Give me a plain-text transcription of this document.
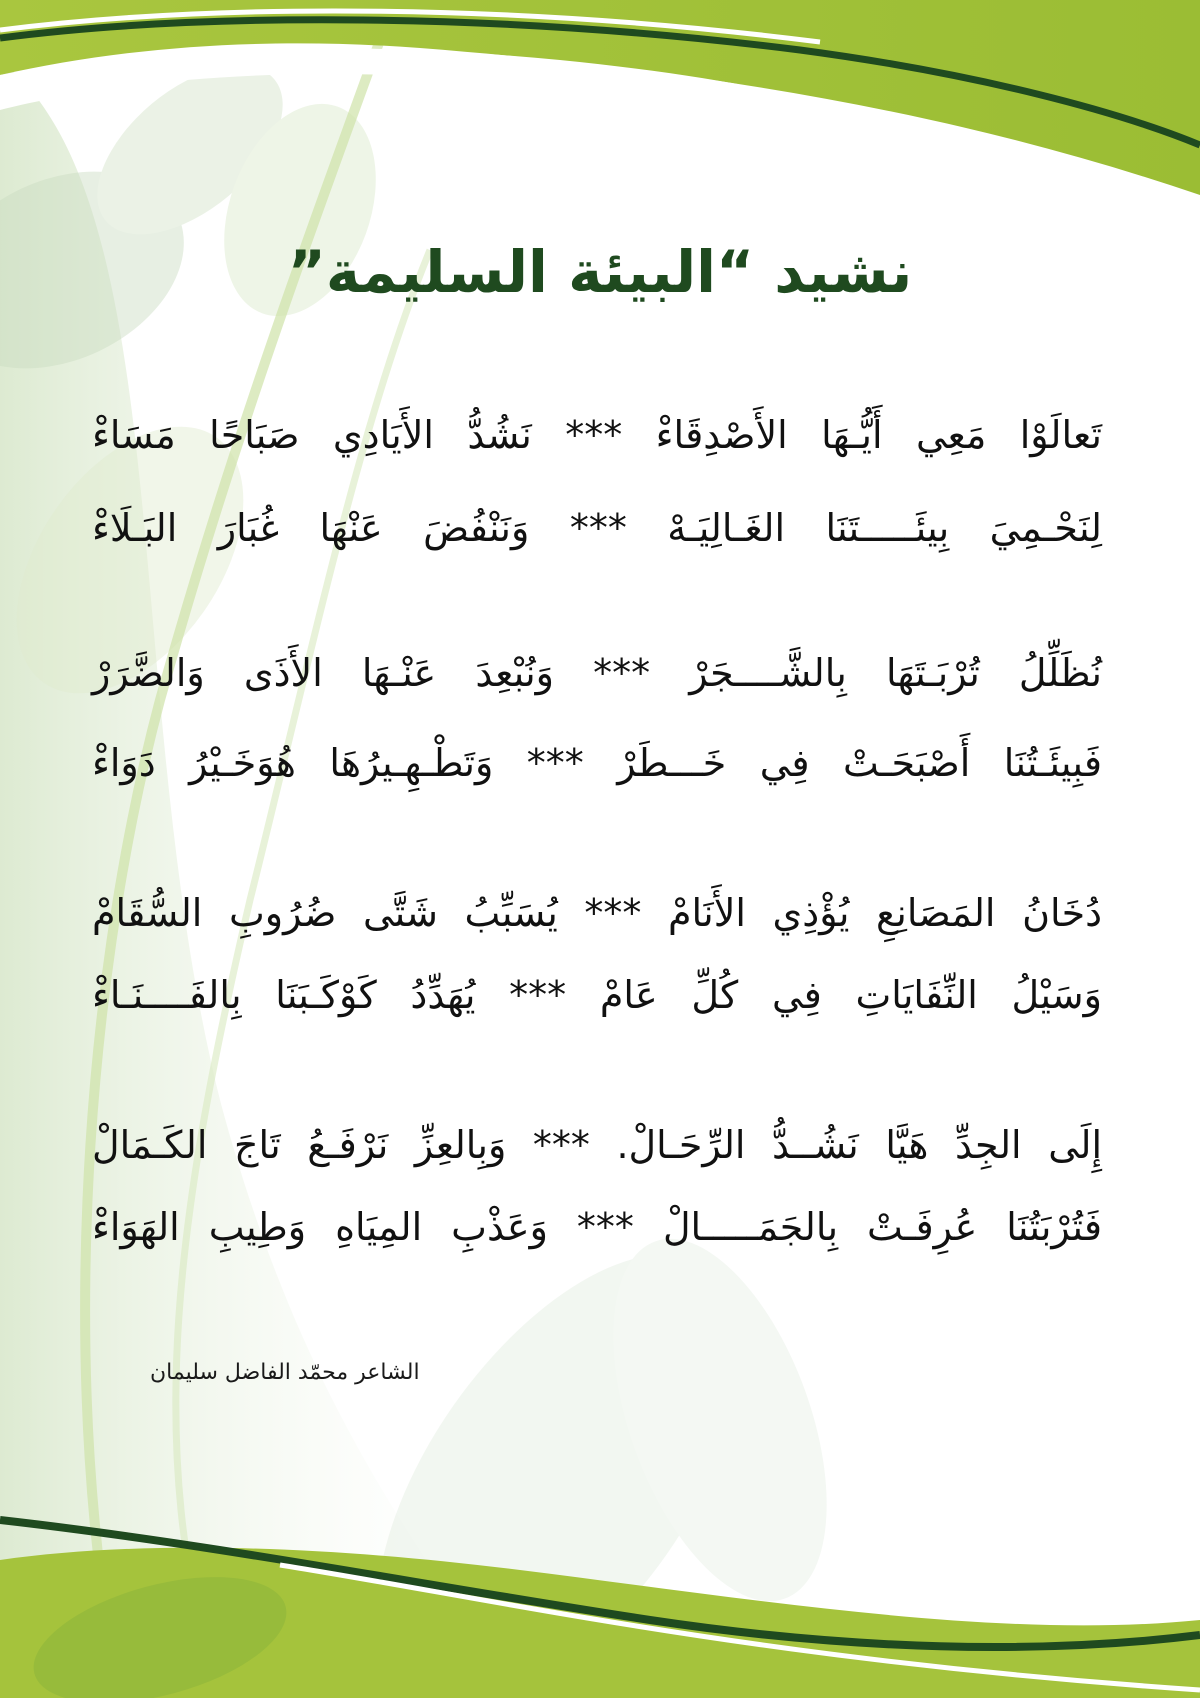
نشيد “البيئة السليمة”
تَعالَوْا مَعِي أَيُّـهَا الأَصْدِقَاءْ *** نَشُدُّ الأَيَادِي صَبَاحًا مَسَاءْ
لِنَحْـمِيَ بِيئَـــــتَنَا الغَـالِيَـهْ *** وَنَنْفُضَ عَنْهَا غُبَارَ البَـلَاءْ
نُظَلِّلُ تُرْبَـتَهَا بِالشَّــــجَرْ *** وَنُبْعِدَ عَنْـهَا الأَذَى وَالضَّرَرْ
فَبِيئَـتُنَا أَصْبَحَـتْ فِي خَـــطَرْ *** وَتَطْـهِـيرُهَا هُوَخَـيْرُ دَوَاءْ
دُخَانُ المَصَانِعِ يُؤْذِي الأَنَامْ *** يُسَبِّبُ شَتَّى ضُرُوبِ السُّقَامْ
وَسَيْلُ النِّفَايَاتِ فِي كُلِّ عَامْ *** يُهَدِّدُ كَوْكَـبَنَا بِالفَــــنَـاءْ
إِلَى الجِدِّ هَيَّا نَشُــدُّ الرِّحَـالْ. *** وَبِالعِزِّ نَرْفَـعُ تَاجَ الكَـمَالْ
فَتُرْبَتُنَا عُرِفَـتْ بِالجَمَـــــالْ *** وَعَذْبِ المِيَاهِ وَطِيبِ الهَوَاءْ
الشاعر محمّد الفاضل سليمان
